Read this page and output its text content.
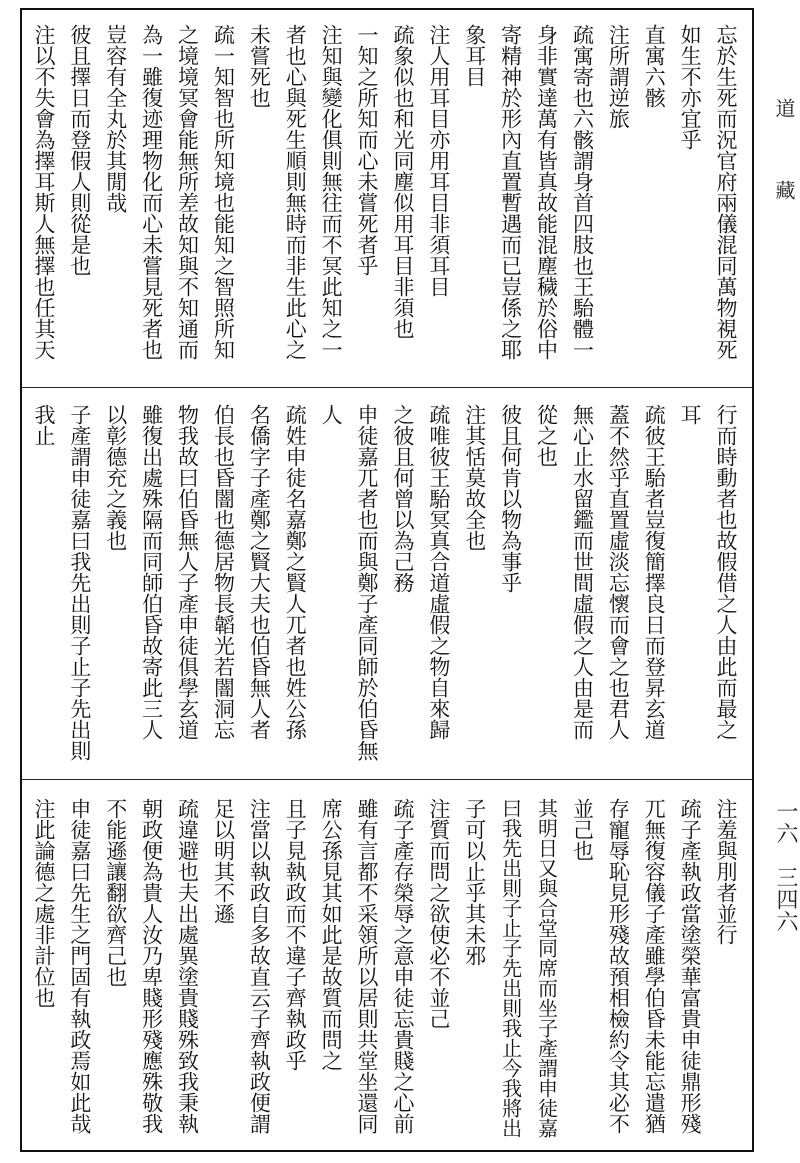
忘於生死而況官府兩儀混同萬物視死
如生不亦宜乎
直寓六骸
注所謂逆旅
疏寓寄也六骸謂身首四肢也王駘體一
身非實達萬有皆真故能混塵穢於俗中
寄精神於形內直置暫遇而已豈係之耶
象耳目
注人用耳目亦用耳目非須耳目
疏象似也和光同塵似用耳目非須也
一知之所知而心未嘗死者乎
注知與變化俱則無往而不冥此知之一
者也心與死生順則無時而非生此心之
未嘗死也
疏一知智也所知境也能知之智照所知
之境境冥會能無所差故知與不知通而
為一雖復迹理物化而心未嘗見死者也
豈容有全丸於其閒哉
彼且擇日而登假人則從是也
注以不失會為擇耳斯人無擇也任其天
行而時動者也故假借之人由此而最之
耳
疏彼王駘者豈復簡擇良日而登昇玄道
蓋不然乎直置虛淡忘懷而會之也君人
無心止水留鑑而世間虛假之人由是而
從之也
彼且何肯以物為事乎
注其恬莫故全也
疏唯彼王駘冥真合道虛假之物自來歸
之彼且何曾以為己務
申徒嘉兀者也而與鄭子產同師於伯昏無
人
疏姓申徒名嘉鄭之賢人兀者也姓公孫
名僑字子產鄭之賢大夫也伯昏無人者
伯長也昏闇也德居物長韜光若闇洞忘
物我故曰伯昏無人子產申徒俱學玄道
雖復出處殊隔而同師伯昏故寄此三人
以彰德充之義也
子產謂申徒嘉曰我先出則子止子先出則
我止
注羞與刖者並行
疏子產執政當塗榮華富貴申徒鼎形殘
兀無復容儀子產雖學伯昏未能忘遣猶
存寵辱恥見形殘故預相檢約令其必不
並己也
其明日又與合堂同席而坐子產謂申徒嘉
曰我先出則子止子先出則我止今我將出
子可以止乎其未邪
注質而問之欲使必不並己
疏子產存榮辱之意申徒忘貴賤之心前
雖有言都不采領所以居則共堂坐還同
席公孫見其如此是故質而問之
且子見執政而不違子齊執政乎
注當以執政自多故直云子齊執政便謂
足以明其不遜
疏違避也夫出處異塗貴賤殊致我秉執
朝政便為貴人汝乃卑賤形殘應殊敬我
不能遜讓翻欲齊己也
申徒嘉曰先生之門固有執政焉如此哉
注此論德之處非計位也
道
藏
一六　三四六
